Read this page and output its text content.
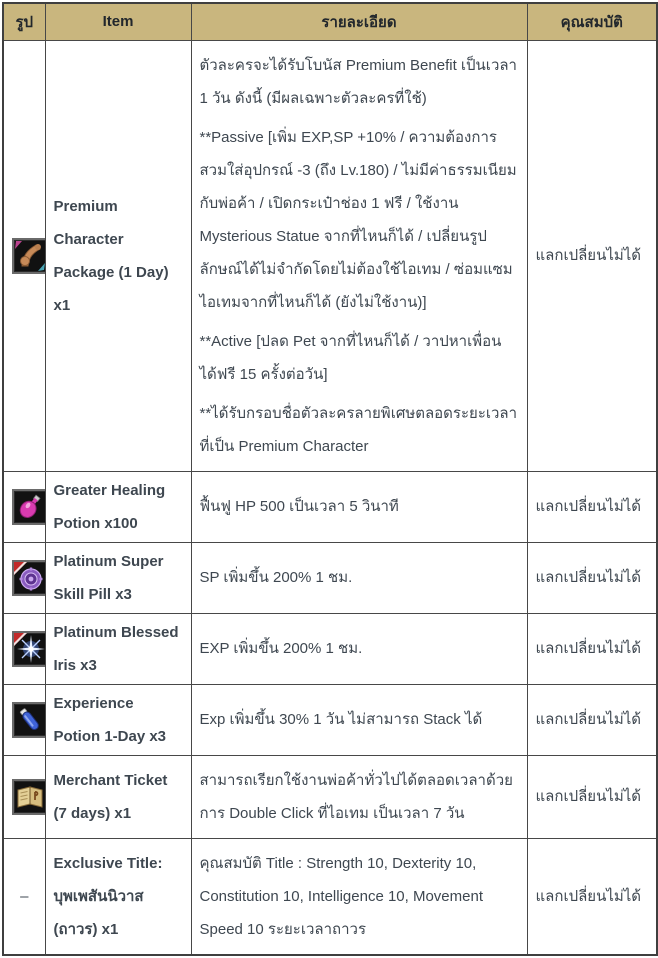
รูป	Item	รายละเอียด	คุณสมบัติ

	Premium Character Package (1 Day) x1	ตัวละครจะได้รับโบนัส Premium Benefit เป็นเวลา 1 วัน ดังนี้ (มีผลเฉพาะตัวละครที่ใช้)
**Passive [เพิ่ม EXP,SP +10% / ความต้องการสวมใส่อุปกรณ์ -3 (ถึง Lv.180) / ไม่มีค่าธรรมเนียมกับพ่อค้า / เปิดกระเป๋าช่อง 1 ฟรี / ใช้งาน Mysterious Statue จากที่ไหนก็ได้ / เปลี่ยนรูปลักษณ์ได้ไม่จำกัดโดยไม่ต้องใช้ไอเทม / ซ่อมแซมไอเทมจากที่ไหนก็ได้ (ยังไม่ใช้งาน)]
**Active [ปลด Pet จากที่ไหนก็ได้ / วาปหาเพื่อนได้ฟรี 15 ครั้งต่อวัน]
**ได้รับกรอบชื่อตัวละครลายพิเศษตลอดระยะเวลาที่เป็น Premium Character	แลกเปลี่ยนไม่ได้

	Greater Healing Potion x100	ฟื้นฟู HP 500 เป็นเวลา 5 วินาที	แลกเปลี่ยนไม่ได้

	Platinum Super Skill Pill x3	SP เพิ่มขึ้น 200% 1 ชม.	แลกเปลี่ยนไม่ได้

	Platinum Blessed Iris x3	EXP เพิ่มขึ้น 200% 1 ชม.	แลกเปลี่ยนไม่ได้

	Experience Potion 1-Day x3	Exp เพิ่มขึ้น 30% 1 วัน ไม่สามารถ Stack ได้	แลกเปลี่ยนไม่ได้

	Merchant Ticket (7 days) x1	สามารถเรียกใช้งานพ่อค้าทั่วไปได้ตลอดเวลาด้วยการ Double Click ที่ไอเทม เป็นเวลา 7 วัน	แลกเปลี่ยนไม่ได้
–	Exclusive Title: บุพเพสันนิวาส (ถาวร) x1	คุณสมบัติ Title : Strength 10, Dexterity 10, Constitution 10, Intelligence 10, Movement Speed 10 ระยะเวลาถาวร	แลกเปลี่ยนไม่ได้
